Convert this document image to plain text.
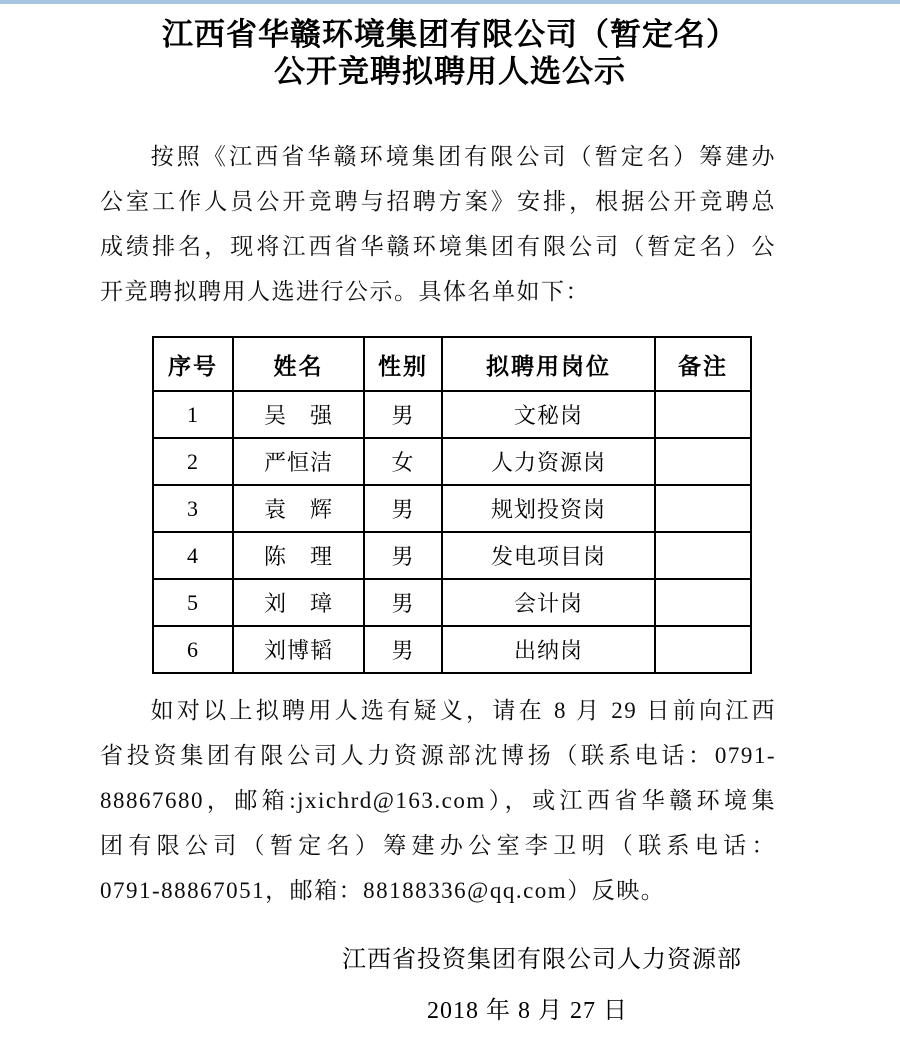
江西省华赣环境集团有限公司（暂定名）
公开竞聘拟聘用人选公示
按照《江西省华赣环境集团有限公司（暂定名）筹建办
公室工作人员公开竞聘与招聘方案》安排，根据公开竞聘总
成绩排名，现将江西省华赣环境集团有限公司（暂定名）公
开竞聘拟聘用人选进行公示。具体名单如下：
序号	姓名	性别	拟聘用岗位	备注
1	吴　强	男	文秘岗	
2	严恒洁	女	人力资源岗	
3	袁　辉	男	规划投资岗	
4	陈　理	男	发电项目岗	
5	刘　璋	男	会计岗	
6	刘博韬	男	出纳岗	
如对以上拟聘用人选有疑义，请在 8 月 29 日前向江西
省投资集团有限公司人力资源部沈博扬（联系电话：0791-
88867680，邮箱:jxichrd@163.com），或江西省华赣环境集
团有限公司（暂定名）筹建办公室李卫明（联系电话：
0791-88867051，邮箱：88188336@qq.com）反映。
江西省投资集团有限公司人力资源部
2018 年 8 月 27 日
